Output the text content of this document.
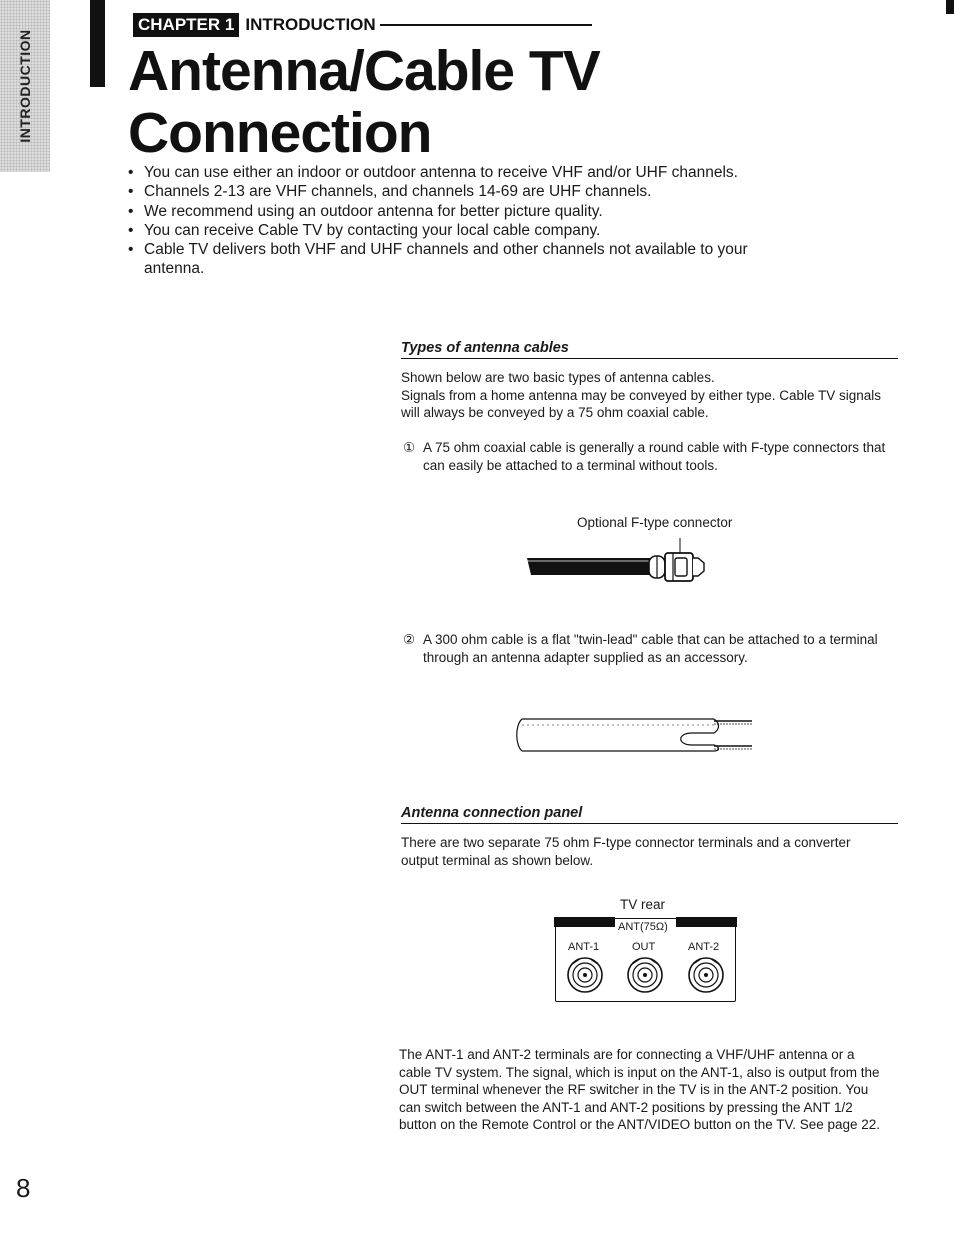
INTRODUCTION
CHAPTER 1 INTRODUCTION
Antenna/Cable TV
Connection
• You can use either an indoor or outdoor antenna to receive VHF and/or UHF channels.
• Channels 2-13 are VHF channels, and channels 14-69 are UHF channels.
• We recommend using an outdoor antenna for better picture quality.
• You can receive Cable TV by contacting your local cable company.
• Cable TV delivers both VHF and UHF channels and other channels not available to your antenna.
Types of antenna cables

Shown below are two basic types of antenna cables.
Signals from a home antenna may be conveyed by either type. Cable TV signals will always be conveyed by a 75 ohm coaxial cable.

① A 75 ohm coaxial cable is generally a round cable with F-type connectors that can easily be attached to a terminal without tools.
Optional F-type connector
② A 300 ohm cable is a flat "twin-lead" cable that can be attached to a terminal through an antenna adapter supplied as an accessory.
Antenna connection panel

There are two separate 75 ohm F-type connector terminals and a converter output terminal as shown below.

TV rear
ANT(75Ω)
ANT-1	OUT	ANT-2

The ANT-1 and ANT-2 terminals are for connecting a VHF/UHF antenna or a cable TV system. The signal, which is input on the ANT-1, also is output from the OUT terminal whenever the RF switcher in the TV is in the ANT-2 position. You can switch between the ANT-1 and ANT-2 positions by pressing the ANT 1/2 button on the Remote Control or the ANT/VIDEO button on the TV. See page 22.

8
